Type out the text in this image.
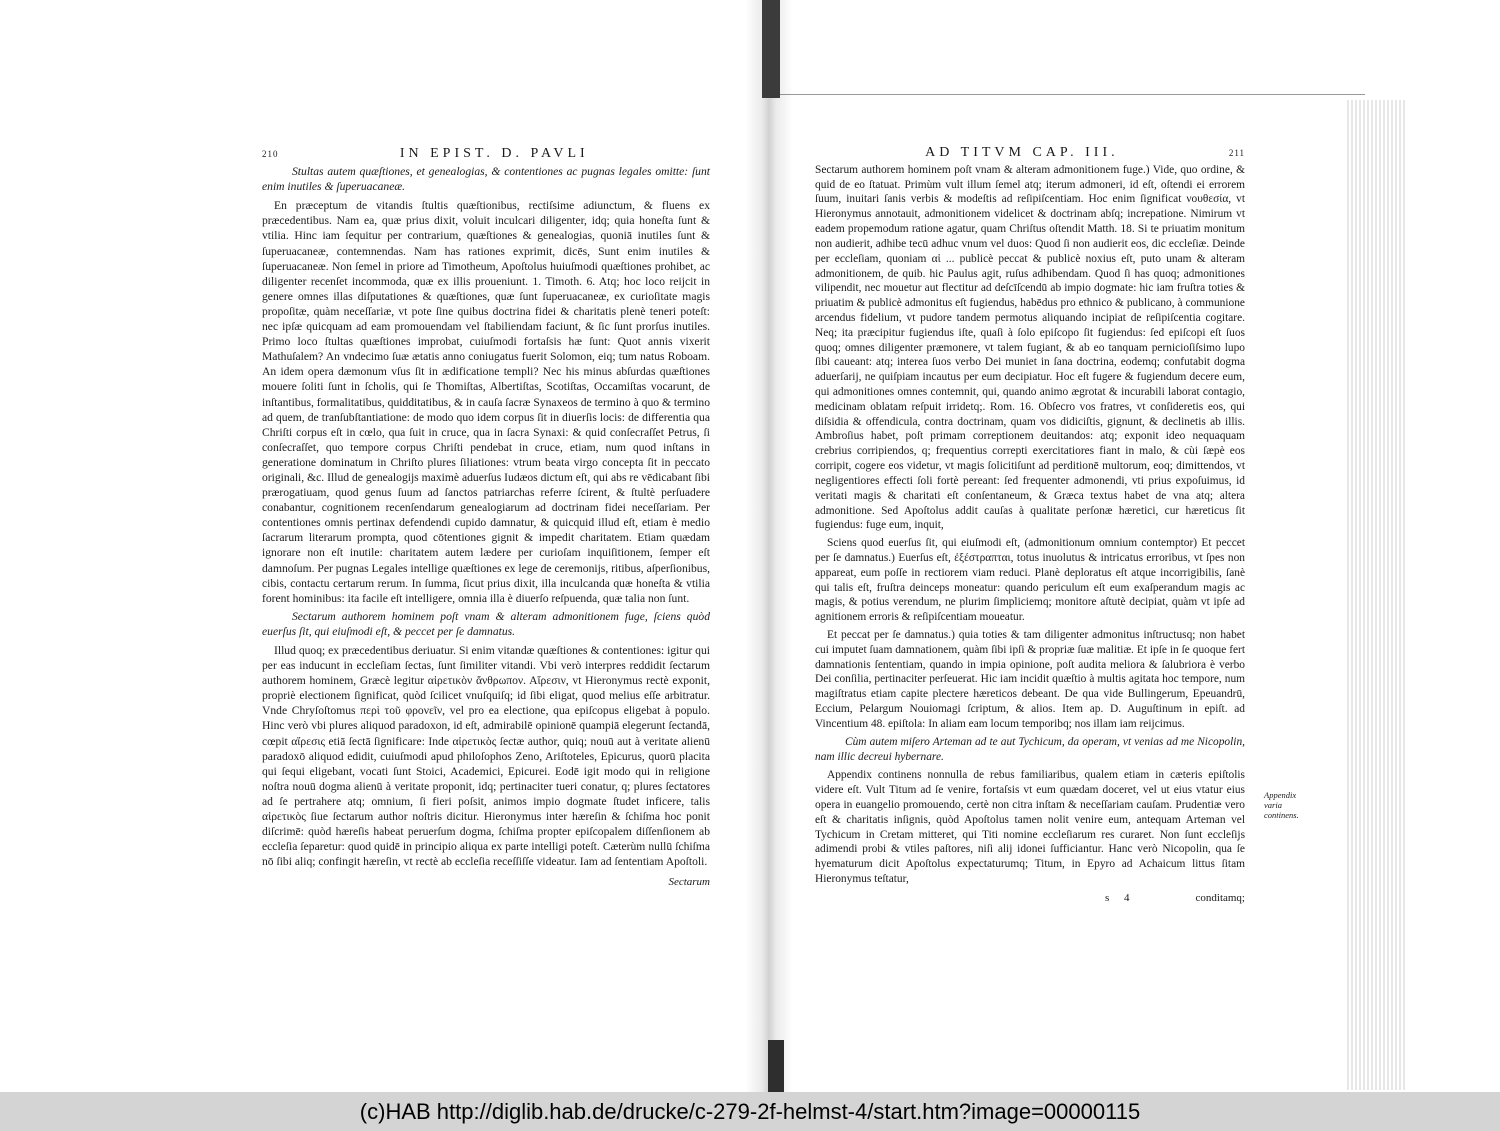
210	IN EPIST. D. PAVLI

Stultas autem quæſtiones, et genealogias, & contentiones ac pugnas legales omitte: ſunt enim inutiles & ſuperuacaneæ.

En præceptum de vitandis ſtultis quæſtionibus, rectiſsime adiunctum, & fluens ex præcedentibus. Nam ea, quæ prius dixit, voluit inculcari diligenter, idq; quia honeſta ſunt & vtilia. Hinc iam ſequitur per contrarium, quæſtiones & genealogias, quoniā inutiles ſunt & ſuperuacaneæ, contemnendas. Nam has rationes exprimit, dicēs, Sunt enim inutiles & ſuperuacaneæ. Non ſemel in priore ad Timotheum, Apoſtolus huiuſmodi quæſtiones prohibet, ac diligenter recenſet incommoda, quæ ex illis proueniunt. 1. Timoth. 6. Atq; hoc loco reijcit in genere omnes illas diſputationes & quæſtiones, quæ ſunt ſuperuacaneæ, ex curioſitate magis propoſitæ, quàm neceſſariæ, vt pote ſine quibus doctrina fidei & charitatis plenè teneri poteſt: nec ipſæ quicquam ad eam promouendam vel ſtabiliendam faciunt, & ſic ſunt prorſus inutiles. Primo loco ſtultas quæſtiones improbat, cuiuſmodi fortaſsis hæ ſunt: Quot annis vixerit Mathuſalem? An vndecimo ſuæ ætatis anno coniugatus fuerit Solomon, eiq; tum natus Roboam. An idem opera dæmonum vſus ſit in ædificatione templi? Nec his minus abſurdas quæſtiones mouere ſoliti ſunt in ſcholis, qui ſe Thomiſtas, Albertiſtas, Scotiſtas, Occamiſtas vocarunt, de inſtantibus, formalitatibus, quidditatibus, & in cauſa ſacræ Synaxeos de termino à quo & termino ad quem, de tranſubſtantiatione: de modo quo idem corpus ſit in diuerſis locis: de differentia qua Chriſti corpus eſt in cœlo, qua ſuit in cruce, qua in ſacra Synaxi: & quid conſecraſſet Petrus, ſi conſecraſſet, quo tempore corpus Chriſti pendebat in cruce, etiam, num quod inſtans in generatione dominatum in Chriſto plures ſiliationes: vtrum beata virgo concepta ſit in peccato originali, &c. Illud de genealogijs maximè aduerſus Iudæos dictum eſt, qui abs re vēdicabant ſibi prærogatiuam, quod genus ſuum ad ſanctos patriarchas referre ſcirent, & ſtultè perſuadere conabantur, cognitionem recenſendarum genealogiarum ad doctrinam fidei neceſſariam. Per contentiones omnis pertinax defendendi cupido damnatur, & quicquid illud eſt, etiam è medio ſacrarum literarum prompta, quod cōtentiones gignit & impedit charitatem. Etiam quædam ignorare non eſt inutile: charitatem autem lædere per curioſam inquiſitionem, ſemper eſt damnoſum. Per pugnas Legales intellige quæſtiones ex lege de ceremonijs, ritibus, aſperſionibus, cibis, contactu certarum rerum. In ſumma, ſicut prius dixit, illa inculcanda quæ honeſta & vtilia forent hominibus: ita facile eſt intelligere, omnia illa è diuerſo reſpuenda, quæ talia non ſunt.

Sectarum authorem hominem poſt vnam & alteram admonitionem fuge, ſciens quòd euerſus ſit, qui eiuſmodi eſt, & peccet per ſe damnatus.

Illud quoq; ex præcedentibus deriuatur. Si enim vitandæ quæſtiones & contentiones: igitur qui per eas inducunt in eccleſiam ſectas, ſunt ſimiliter vitandi. Vbi verò interpres reddidit ſectarum authorem hominem, Græcè legitur αἱρετικὸν ἄνθρωπον. Αἵρεσιν, vt Hieronymus rectè exponit, propriè electionem ſignificat, quòd ſcilicet vnuſquiſq; id ſibi eligat, quod melius eſſe arbitratur. Vnde Chryſoſtomus περὶ τοῦ φρονεῖν, vel pro ea electione, qua epiſcopus eligebat à populo. Hinc verò vbi plures aliquod paradoxon, id eſt, admirabilē opinionē quampiā elegerunt ſectandā, cœpit αἵρεσις etiā ſectā ſignificare: Inde αἱρετικὸς ſectæ author, quiq; nouū aut à veritate alienū paradoxō aliquod edidit, cuiuſmodi apud philoſophos Zeno, Ariſtoteles, Epicurus, quorū placita qui ſequi eligebant, vocati ſunt Stoici, Academici, Epicurei. Eodē igit modo qui in religione noſtra nouū dogma alienū à veritate proponit, idq; pertinaciter tueri conatur, q; plures ſectatores ad ſe pertrahere atq; omnium, ſi fieri poſsit, animos impio dogmate ſtudet inficere, talis αἱρετικὸς ſiue ſectarum author noſtris dicitur. Hieronymus inter hæreſin & ſchiſma hoc ponit diſcrimē: quòd hæreſis habeat peruerſum dogma, ſchiſma propter epiſcopalem diſſenſionem ab eccleſia ſeparetur: quod quidē in principio aliqua ex parte intelligi poteſt. Cæterùm nullū ſchiſma nō ſibi aliq; confingit hæreſin, vt rectè ab eccleſia receſſiſſe videatur. Iam ad ſententiam Apoſtoli.

Sectarum
AD TITVM CAP. III.	211

Sectarum authorem hominem poſt vnam & alteram admonitionem fuge.) Vide, quo ordine, & quid de eo ſtatuat. Primùm vult illum ſemel atq; iterum admoneri, id eſt, oſtendi ei errorem ſuum, inuitari ſanis verbis & modeſtis ad reſipiſcentiam. Hoc enim ſignificat νουθεσία, vt Hieronymus annotauit, admonitionem videlicet & doctrinam abſq; increpatione. Nimirum vt eadem propemodum ratione agatur, quam Chriſtus oſtendit Matth. 18. Si te priuatim monitum non audierit, adhibe tecū adhuc vnum vel duos: Quod ſi non audierit eos, dic eccleſiæ. Deinde per eccleſiam, quoniam αἱ ... publicè peccat & publicè noxius eſt, puto unam & alteram admonitionem, de quib. hic Paulus agit, ruſus adhibendam. Quod ſi has quoq; admonitiones vilipendit, nec mouetur aut flectitur ad deſcīſcendū ab impio dogmate: hic iam fruſtra toties & priuatim & publicè admonitus eſt fugiendus, habēdus pro ethnico & publicano, à communione arcendus fidelium, vt pudore tandem permotus aliquando incipiat de reſipiſcentia cogitare. Neq; ita præcipitur fugiendus iſte, quaſi à ſolo epiſcopo ſit fugiendus: ſed epiſcopi eſt ſuos quoq; omnes diligenter præmonere, vt talem fugiant, & ab eo tanquam pernicioſiſsimo lupo ſibi caueant: atq; interea ſuos verbo Dei muniet in ſana doctrina, eodemq; confutabit dogma aduerſarij, ne quiſpiam incautus per eum decipiatur. Hoc eſt fugere & fugiendum decere eum, qui admonitiones omnes contemnit, qui, quando animo ægrotat & incurabili laborat contagio, medicinam oblatam reſpuit irridetq;. Rom. 16. Obſecro vos fratres, vt conſideretis eos, qui diſsidia & offendicula, contra doctrinam, quam vos didiciſtis, gignunt, & declinetis ab illis. Ambroſius habet, poſt primam correptionem deuitandos: atq; exponit ideo nequaquam crebrius corripiendos, q; frequentius correpti exercitatiores fiant in malo, & cùi ſæpè eos corripit, cogere eos videtur, vt magis ſolicitiſunt ad perditionē multorum, eoq; dimittendos, vt negligentiores effecti ſoli fortè pereant: ſed frequenter admonendi, vti prius expoſuimus, id veritati magis & charitati eſt conſentaneum, & Græca textus habet de vna atq; altera admonitione. Sed Apoſtolus addit cauſas à qualitate perſonæ hæretici, cur hæreticus ſit fugiendus: fuge eum, inquit,

Sciens quod euerſus ſit, qui eiuſmodi eſt, (admonitionum omnium contemptor) Et peccet per ſe damnatus.) Euerſus eſt, ἐξέστραπται, totus inuolutus & intricatus erroribus, vt ſpes non appareat, eum poſſe in rectiorem viam reduci. Planè deploratus eſt atque incorrigibilis, ſanè qui talis eſt, fruſtra deinceps moneatur: quando periculum eſt eum exaſperandum magis ac magis, & potius verendum, ne plurim ſimpliciemq; monitore aſtutè decipiat, quàm vt ipſe ad agnitionem erroris & reſipiſcentiam moueatur.

Et peccat per ſe damnatus.) quia toties & tam diligenter admonitus inſtructusq; non habet cui imputet ſuam damnationem, quàm ſibi ipſi & propriæ ſuæ malitiæ. Et ipſe in ſe quoque fert damnationis ſententiam, quando in impia opinione, poſt audita meliora & ſalubriora è verbo Dei conſilia, pertinaciter perſeuerat. Hic iam incidit quæſtio à multis agitata hoc tempore, num magiſtratus etiam capite plectere hæreticos debeant. De qua vide Bullingerum, Epeuandrū, Eccium, Pelargum Nouiomagi ſcriptum, & alios. Item ap. D. Auguſtinum in epiſt. ad Vincentium 48. epiſtola: In aliam eam locum temporibq; nos illam iam reijcimus.

Cùm autem miſero Arteman ad te aut Tychicum, da operam, vt venias ad me Nicopolin, nam illic decreui hybernare.

Appendix continens nonnulla de rebus familiaribus, qualem etiam in cæteris epiſtolis videre eſt. Vult Titum ad ſe venire, fortaſsis vt eum quædam doceret, vel ut eius vtatur eius opera in euangelio promouendo, certè non citra inſtam & neceſſariam cauſam. Prudentiæ vero eſt & charitatis inſignis, quòd Apoſtolus tamen nolit venire eum, antequam Arteman vel Tychicum in Cretam mitteret, qui Titi nomine eccleſiarum res curaret. Non ſunt eccleſijs adimendi probi & vtiles paſtores, niſi alij idonei ſufficiantur. Hanc verò Nicopolin, qua ſe hyematurum dicit Apoſtolus expectaturumq; Titum, in Epyro ad Achaicum littus ſitam Hieronymus teſtatur,

s 4	conditamq;
Appendix varia continens.
(c)HAB http://diglib.hab.de/drucke/c-279-2f-helmst-4/start.htm?image=00000115
